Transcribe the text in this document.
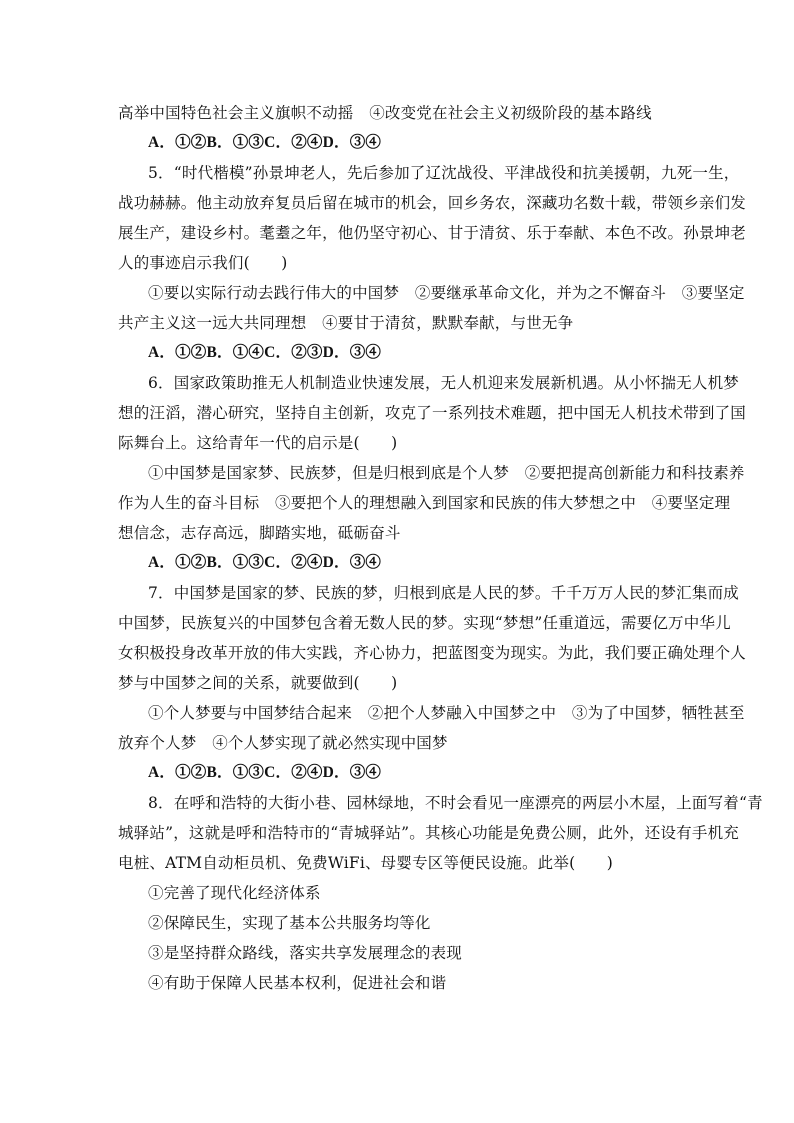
高举中国特色社会主义旗帜不动摇　④改变党在社会主义初级阶段的基本路线
A．①②B．①③C．②④D．③④
5．“时代楷模”孙景坤老人，先后参加了辽沈战役、平津战役和抗美援朝，九死一生，
战功赫赫。他主动放弃复员后留在城市的机会，回乡务农，深藏功名数十载，带领乡亲们发
展生产，建设乡村。耄耋之年，他仍坚守初心、甘于清贫、乐于奉献、本色不改。孙景坤老
人的事迹启示我们(　　)
①要以实际行动去践行伟大的中国梦　②要继承革命文化，并为之不懈奋斗　③要坚定
共产主义这一远大共同理想　④要甘于清贫，默默奉献，与世无争
A．①②B．①④C．②③D．③④
6．国家政策助推无人机制造业快速发展，无人机迎来发展新机遇。从小怀揣无人机梦
想的汪滔，潜心研究，坚持自主创新，攻克了一系列技术难题，把中国无人机技术带到了国
际舞台上。这给青年一代的启示是(　　)
①中国梦是国家梦、民族梦，但是归根到底是个人梦　②要把提高创新能力和科技素养
作为人生的奋斗目标　③要把个人的理想融入到国家和民族的伟大梦想之中　④要坚定理
想信念，志存高远，脚踏实地，砥砺奋斗
A．①②B．①③C．②④D．③④
7．中国梦是国家的梦、民族的梦，归根到底是人民的梦。千千万万人民的梦汇集而成
中国梦，民族复兴的中国梦包含着无数人民的梦。实现“梦想”任重道远，需要亿万中华儿
女积极投身改革开放的伟大实践，齐心协力，把蓝图变为现实。为此，我们要正确处理个人
梦与中国梦之间的关系，就要做到(　　)
①个人梦要与中国梦结合起来　②把个人梦融入中国梦之中　③为了中国梦，牺牲甚至
放弃个人梦　④个人梦实现了就必然实现中国梦
A．①②B．①③C．②④D．③④
8．在呼和浩特的大街小巷、园林绿地，不时会看见一座漂亮的两层小木屋，上面写着“青
城驿站”，这就是呼和浩特市的“青城驿站”。其核心功能是免费公厕，此外，还设有手机充
电桩、ATM自动柜员机、免费WiFi、母婴专区等便民设施。此举(　　)
①完善了现代化经济体系
②保障民生，实现了基本公共服务均等化
③是坚持群众路线，落实共享发展理念的表现
④有助于保障人民基本权利，促进社会和谐
